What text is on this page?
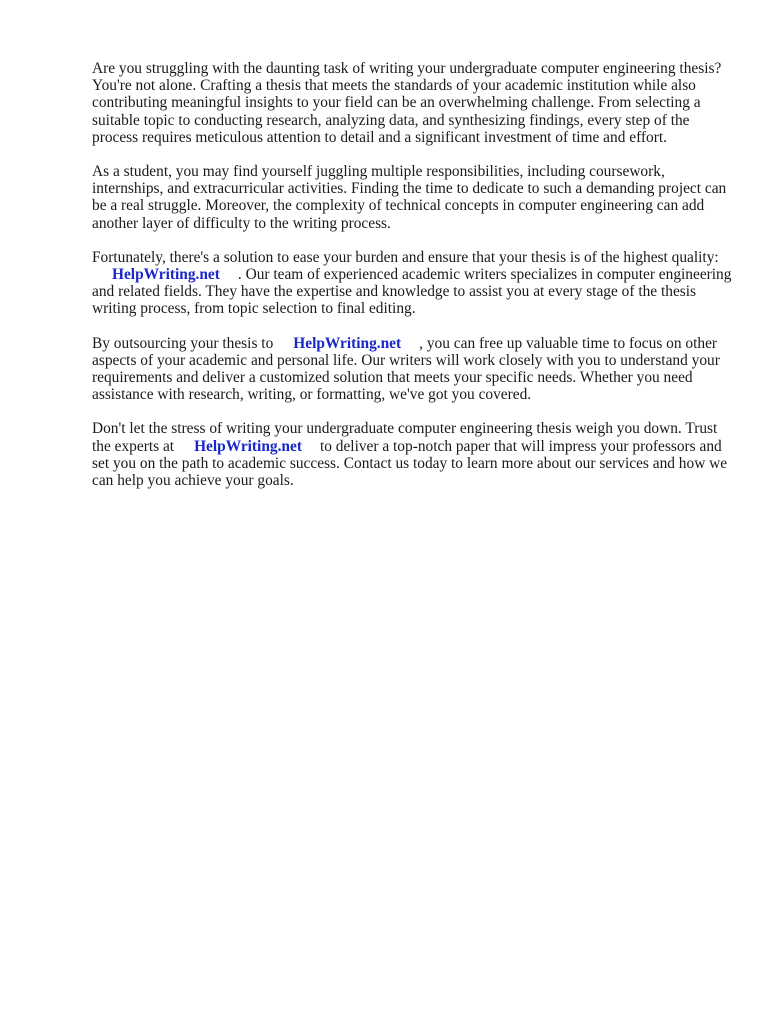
Are you struggling with the daunting task of writing your undergraduate computer engineering thesis? You're not alone. Crafting a thesis that meets the standards of your academic institution while also contributing meaningful insights to your field can be an overwhelming challenge. From selecting a suitable topic to conducting research, analyzing data, and synthesizing findings, every step of the process requires meticulous attention to detail and a significant investment of time and effort.

As a student, you may find yourself juggling multiple responsibilities, including coursework, internships, and extracurricular activities. Finding the time to dedicate to such a demanding project can be a real struggle. Moreover, the complexity of technical concepts in computer engineering can add another layer of difficulty to the writing process.

Fortunately, there's a solution to ease your burden and ensure that your thesis is of the highest quality:HelpWriting.net . Our team of experienced academic writers specializes in computer engineering and related fields. They have the expertise and knowledge to assist you at every stage of the thesis writing process, from topic selection to final editing.

By outsourcing your thesis to HelpWriting.net , you can free up valuable time to focus on other aspects of your academic and personal life. Our writers will work closely with you to understand your requirements and deliver a customized solution that meets your specific needs. Whether you need assistance with research, writing, or formatting, we've got you covered.

Don't let the stress of writing your undergraduate computer engineering thesis weigh you down. Trust the experts at HelpWriting.net to deliver a top-notch paper that will impress your professors and set you on the path to academic success. Contact us today to learn more about our services and how we can help you achieve your goals.
